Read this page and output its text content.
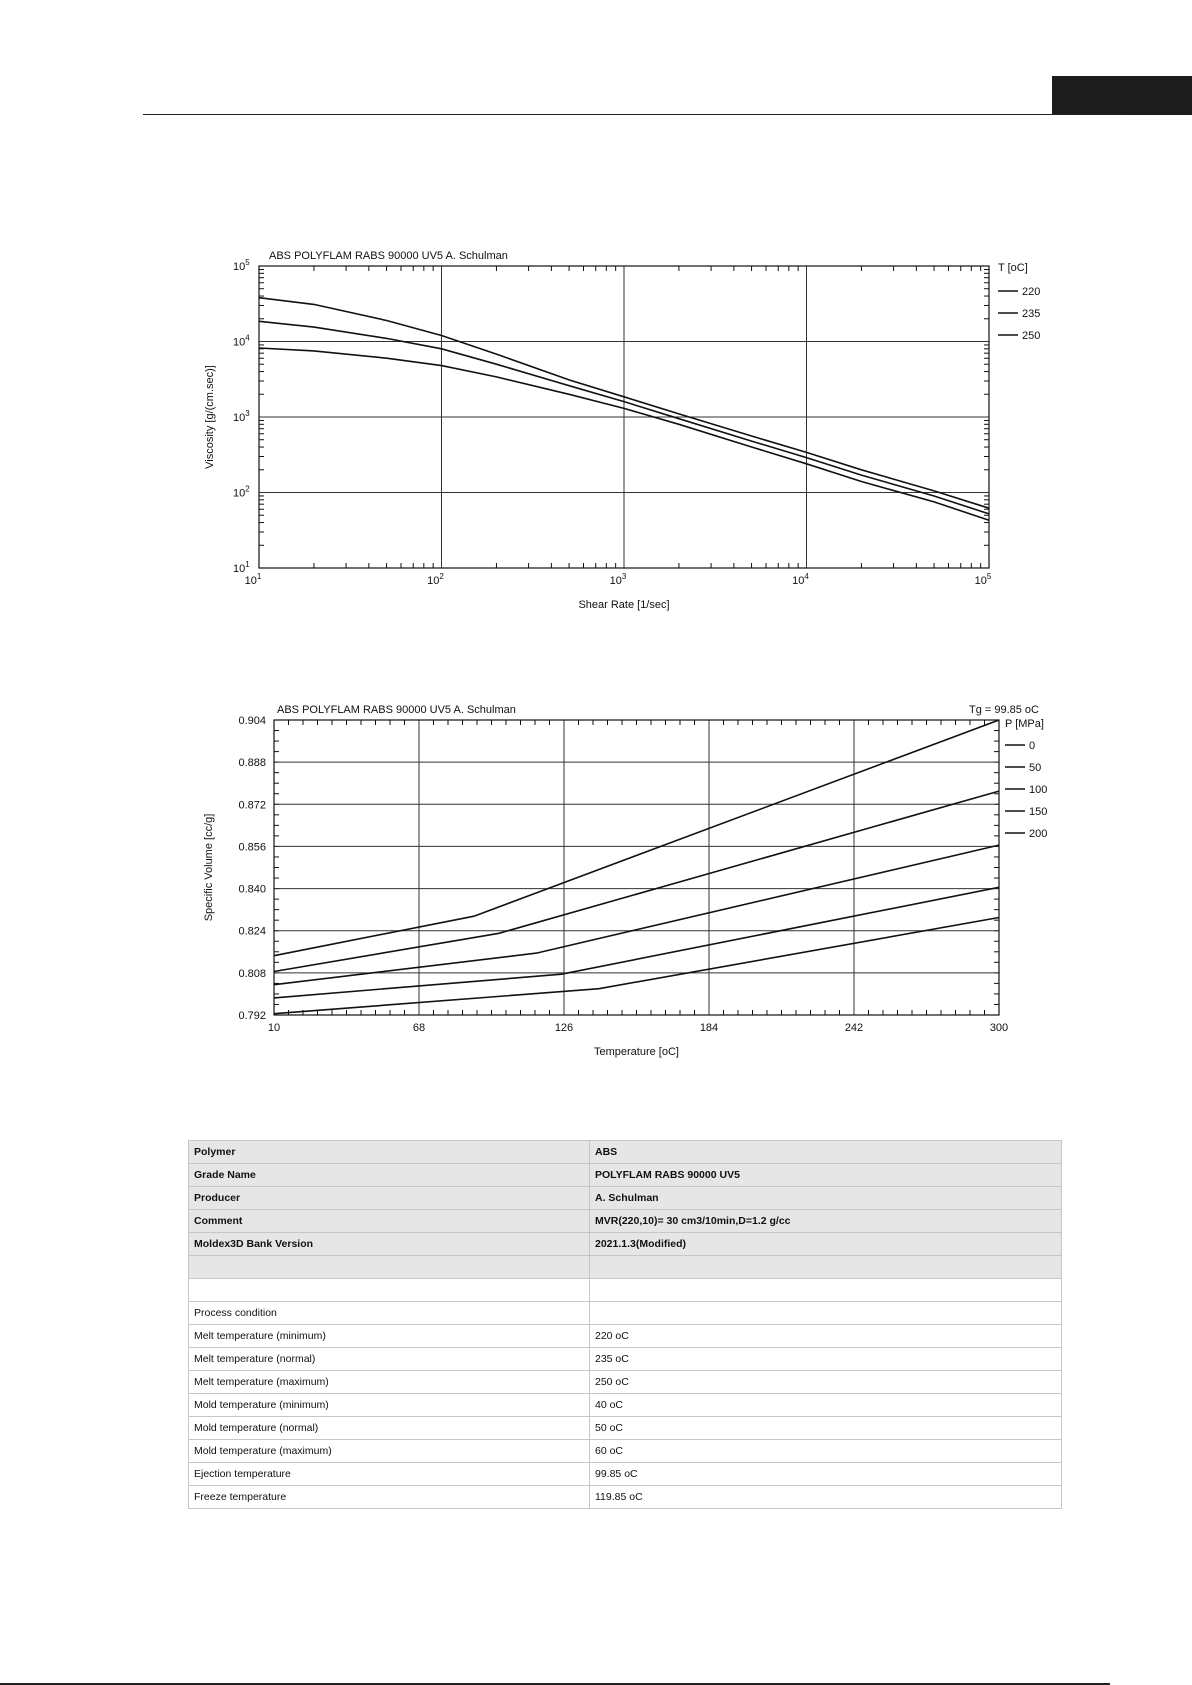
ABS POLYFLAM RABS 90000 UV5 A. Schulman
$10^1$	$10^2$	$10^3$	$10^4$	$10^5$
$10^1$
$10^2$
$10^3$
$10^4$
$10^5$	T [oC]
220
235
250
Shear Rate [1/sec]
Viscosity [g/(cm.sec)]
ABS POLYFLAM RABS 90000 UV5 A. Schulman	Tg = 99.85 oC
10	68	126	184	242	300
0.792
0.808
0.824
0.840
0.856
0.872
0.888
0.904	P [MPa]
0
50
100
150
200
Temperature [oC]
Specific Volume [cc/g]
Polymer	ABS
Grade Name	POLYFLAM RABS 90000 UV5
Producer	A. Schulman
Comment	MVR(220,10)= 30 cm3/10min,D=1.2 g/cc
Moldex3D Bank Version	2021.1.3(Modified)

Process condition	
Melt temperature (minimum)	220 oC
Melt temperature (normal)	235 oC
Melt temperature (maximum)	250 oC
Mold temperature (minimum)	40 oC
Mold temperature (normal)	50 oC
Mold temperature (maximum)	60 oC
Ejection temperature	99.85 oC
Freeze temperature	119.85 oC
